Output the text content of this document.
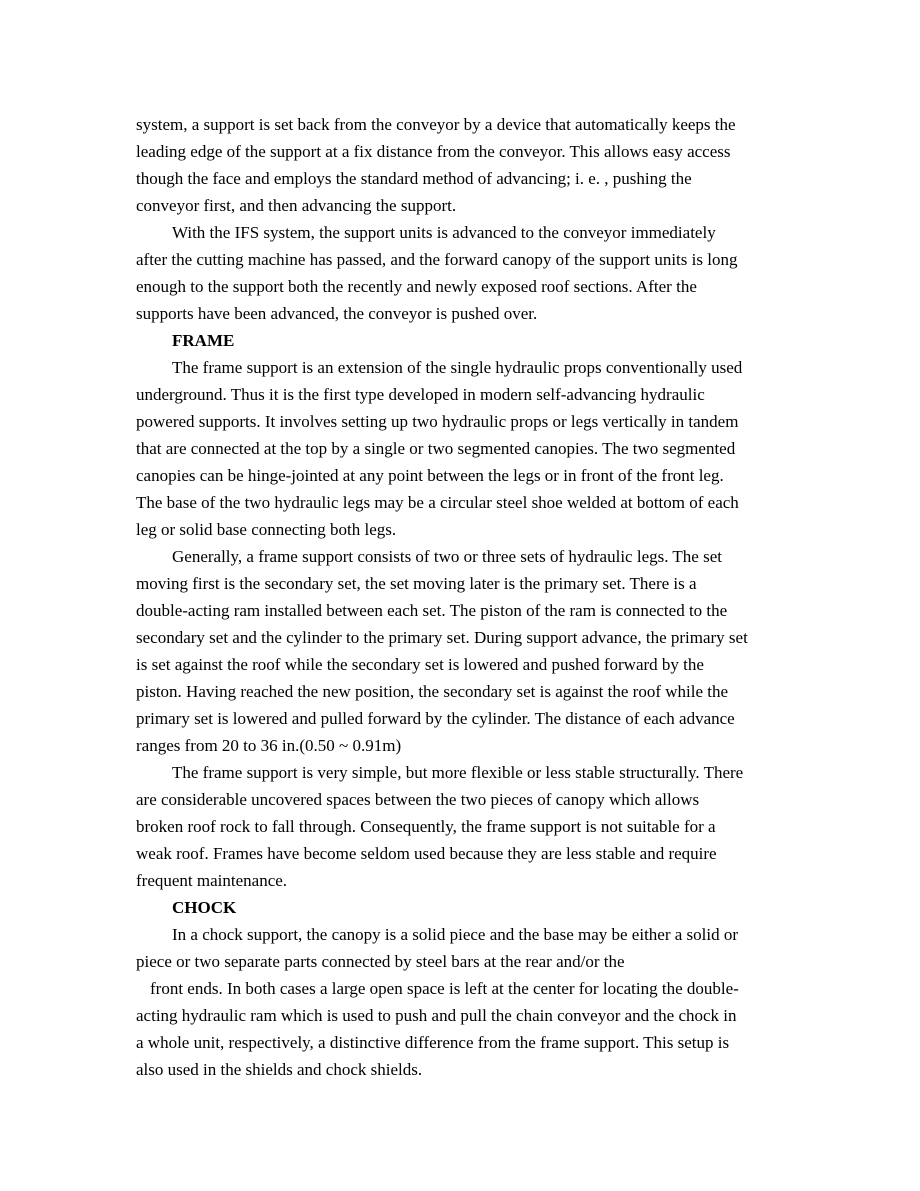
system, a support is set back from the conveyor by a device that automatically keeps the
leading edge of the support at a fix distance from the conveyor. This allows easy access
though the face and employs the standard method of advancing; i. e. , pushing the
conveyor first, and then advancing the support.
With the IFS system, the support units is advanced to the conveyor immediately
after the cutting machine has passed, and the forward canopy of the support units is long
enough to the support both the recently and newly exposed roof sections. After the
supports have been advanced, the conveyor is pushed over.
FRAME
The frame support is an extension of the single hydraulic props conventionally used
underground. Thus it is the first type developed in modern self-advancing hydraulic
powered supports. It involves setting up two hydraulic props or legs vertically in tandem
that are connected at the top by a single or two segmented canopies. The two segmented
canopies can be hinge-jointed at any point between the legs or in front of the front leg.
The base of the two hydraulic legs may be a circular steel shoe welded at bottom of each
leg or solid base connecting both legs.
Generally, a frame support consists of two or three sets of hydraulic legs. The set
moving first is the secondary set, the set moving later is the primary set. There is a
double-acting ram installed between each set. The piston of the ram is connected to the
secondary set and the cylinder to the primary set. During support advance, the primary set
is set against the roof while the secondary set is lowered and pushed forward by the
piston. Having reached the new position, the secondary set is against the roof while the
primary set is lowered and pulled forward by the cylinder. The distance of each advance
ranges from 20 to 36 in.(0.50 ~ 0.91m)
The frame support is very simple, but more flexible or less stable structurally. There
are considerable uncovered spaces between the two pieces of canopy which allows
broken roof rock to fall through. Consequently, the frame support is not suitable for a
weak roof. Frames have become seldom used because they are less stable and require
frequent maintenance.
CHOCK
In a chock support, the canopy is a solid piece and the base may be either a solid or
piece or two separate parts connected by steel bars at the rear and/or the
front ends. In both cases a large open space is left at the center for locating the double-
acting hydraulic ram which is used to push and pull the chain conveyor and the chock in
a whole unit, respectively, a distinctive difference from the frame support. This setup is
also used in the shields and chock shields.
